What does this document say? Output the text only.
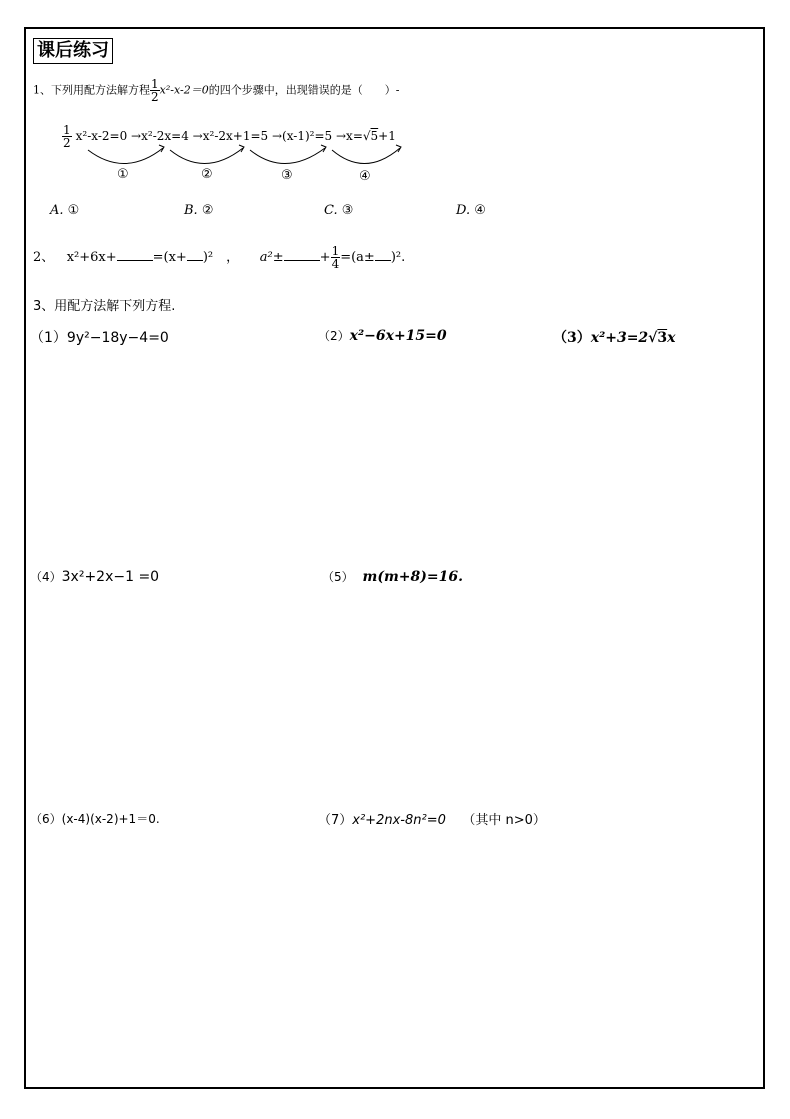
课后练习
1、下列用配方法解方程 $\frac{1}{2} x^2-x-2=0$的四个步骤中，出现错误的是（　　）-
$\frac{1}{2} x^2-x-2=0 \to x^2-2x=4 \to x^2-2x+1=5 \to(x-1)^2=5 \to x=√5+1$
①	②	③	④
A. ①	B. ②	C. ③	D. ④
2、 x²+6x+	=(x+ )²　， a²±	+ $\frac{1}{4} =(a\pm )^2$.
3、用配方法解下列方程.
（1）9y²−18y−4=0	（2）x²−6x+15=0	（3）x²+3=2√3x
（4）3x²+2x−1 =0	（5） m(m+8)=16.
（6）(x-4)(x-2)+1＝0.	（7）x²+2nx-8n²=0 （其中 n>0）
